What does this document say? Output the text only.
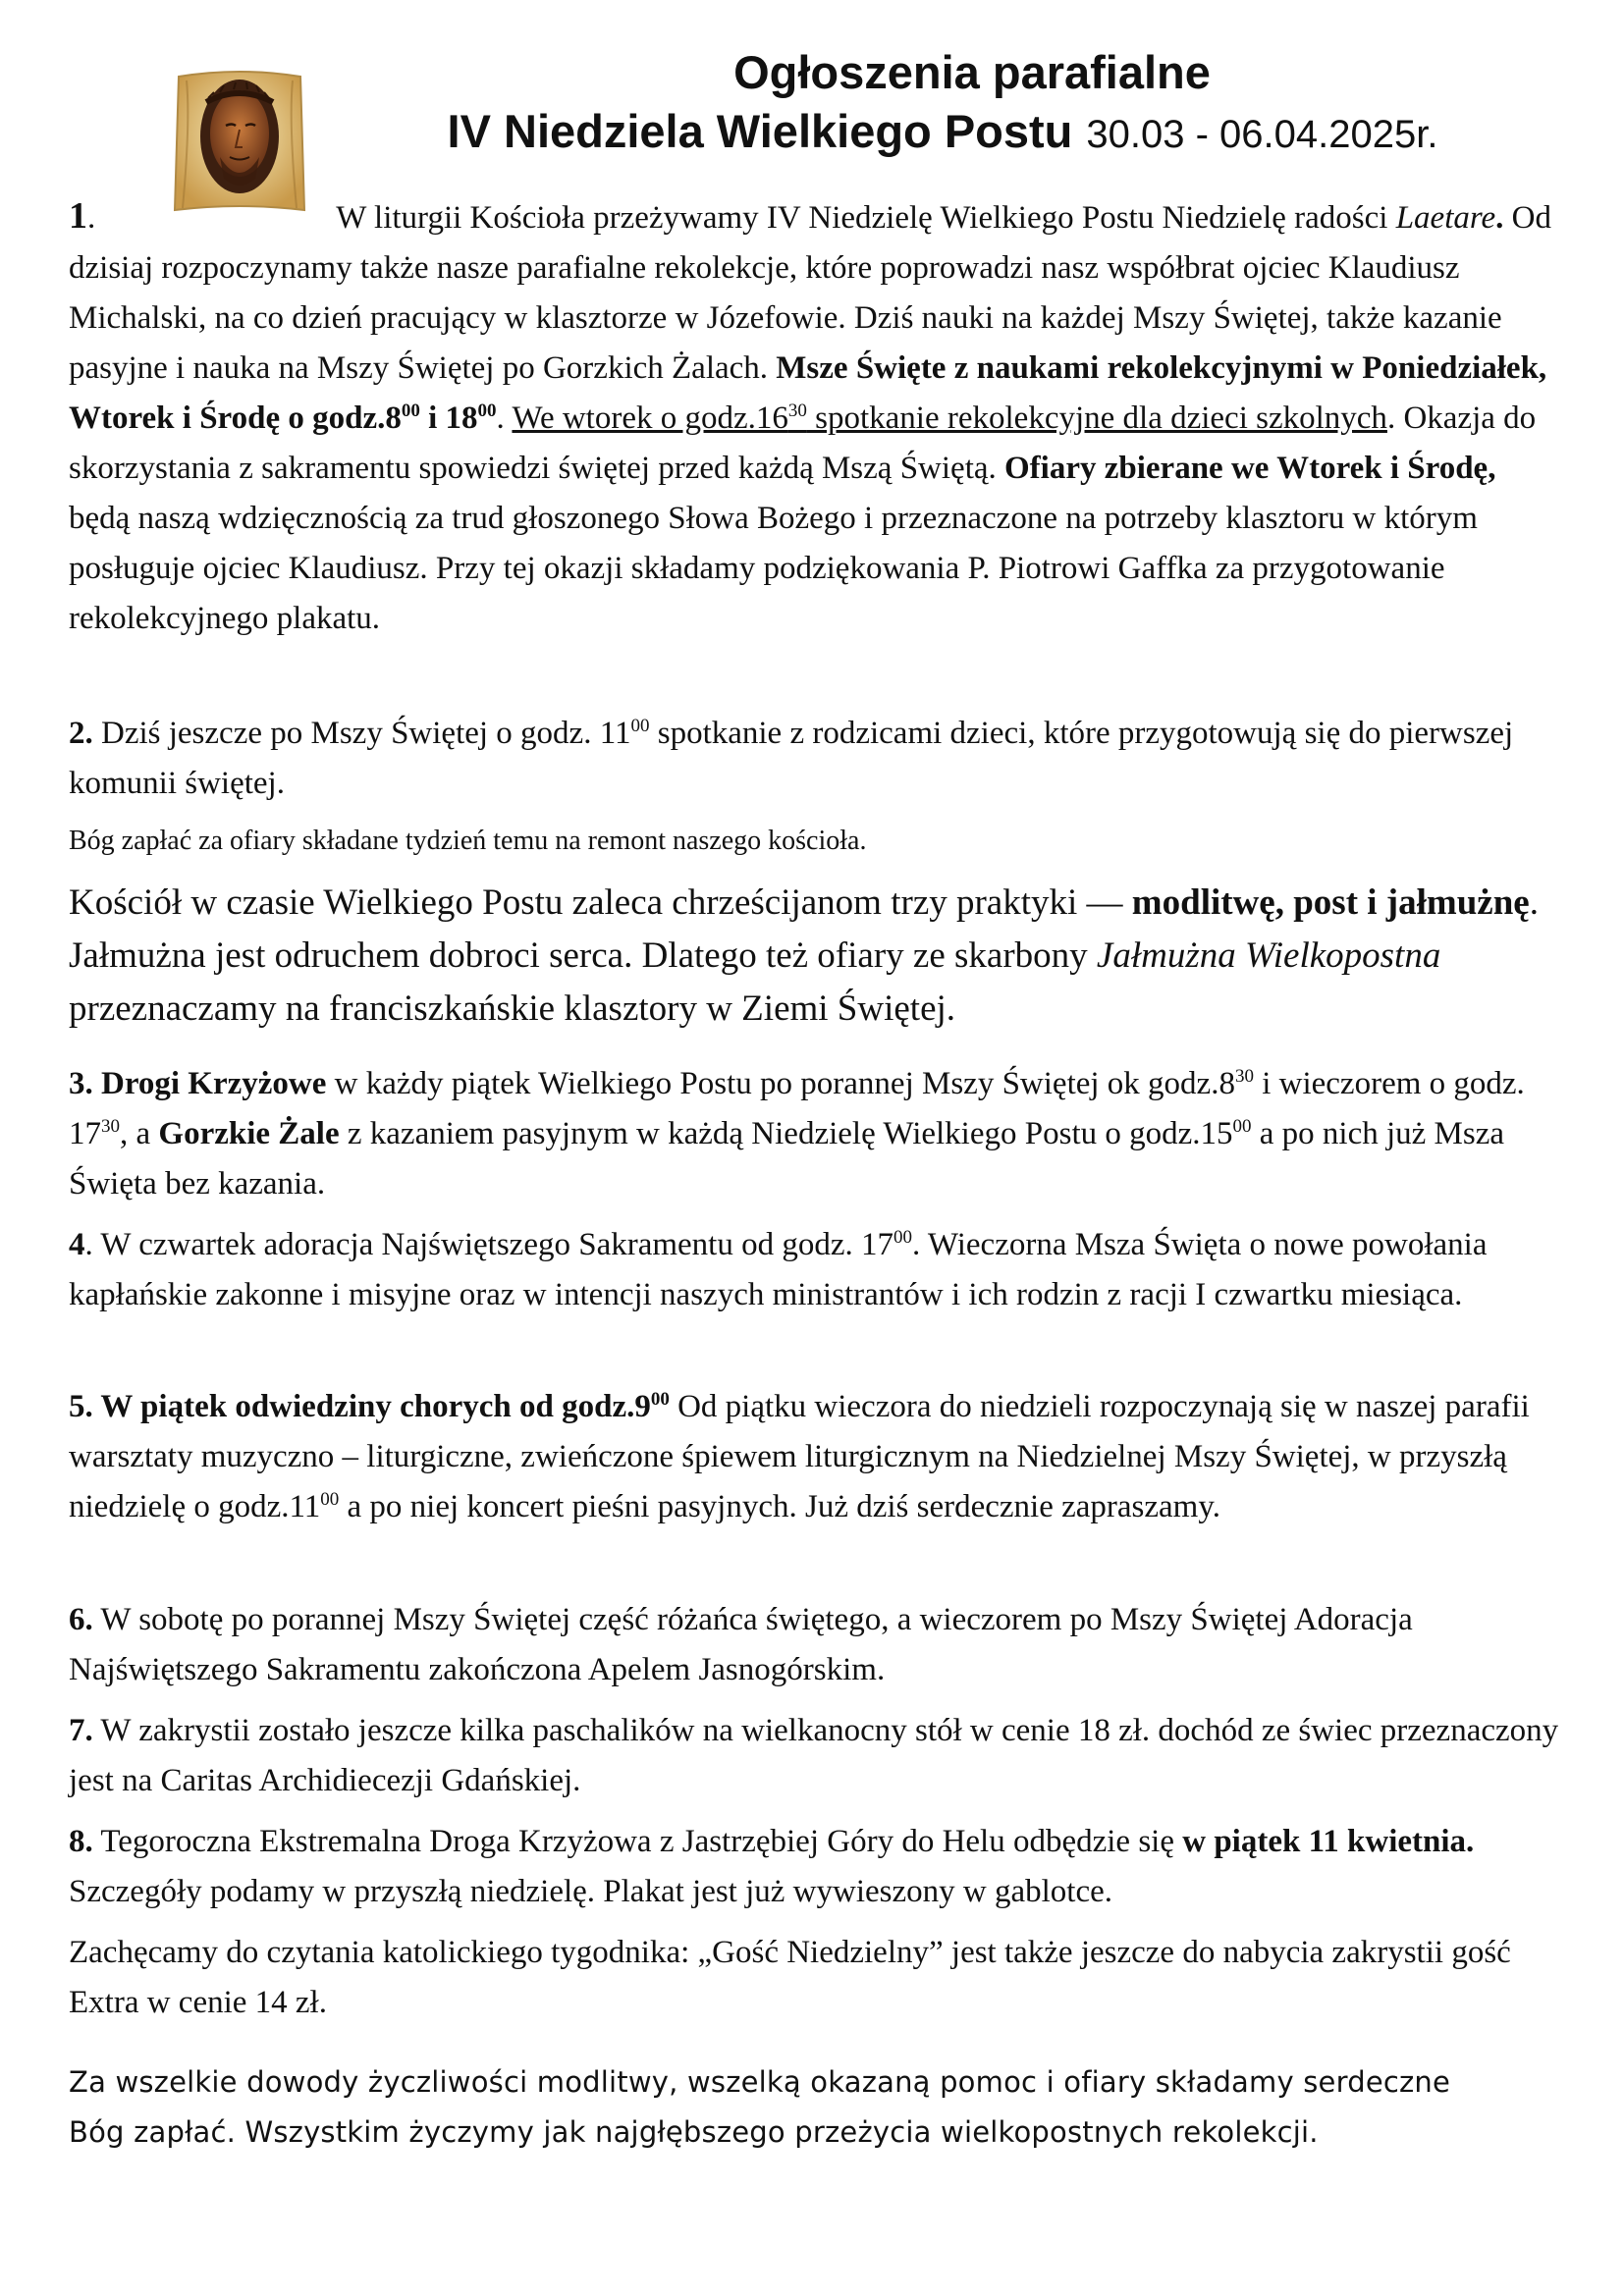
Ogłoszenia parafialne
IV Niedziela Wielkiego Postu 30.03 - 06.04.2025r.

1.	W liturgii Kościoła przeżywamy IV Niedzielę Wielkiego Postu Niedzielę radości Laetare. Od dzisiaj rozpoczynamy także nasze parafialne rekolekcje, które poprowadzi nasz współbrat ojciec Klaudiusz Michalski, na co dzień pracujący w klasztorze w Józefowie. Dziś nauki na każdej Mszy Świętej, także kazanie pasyjne i nauka na Mszy Świętej po Gorzkich Żalach. Msze Święte z naukami rekolekcyjnymi w Poniedziałek, Wtorek i Środę o $godz.8^{00}$ i $18^{00}$. We wtorek o $godz.16^{30}$ spotkanie rekolekcyjne dla dzieci szkolnych. Okazja do skorzystania z sakramentu spowiedzi świętej przed każdą Mszą Świętą. Ofiary zbierane we Wtorek i Środę, będą naszą wdzięcznością za trud głoszonego Słowa Bożego i przeznaczone na potrzeby klasztoru w którym posługuje ojciec Klaudiusz. Przy tej okazji składamy podziękowania P. Piotrowi Gaffka za przygotowanie rekolekcyjnego plakatu.

2. Dziś jeszcze po Mszy Świętej o godz. $11^{00}$ spotkanie z rodzicami dzieci, które przygotowują się do pierwszej komunii świętej.

Bóg zapłać za ofiary składane tydzień temu na remont naszego kościoła.

Kościół w czasie Wielkiego Postu zaleca chrześcijanom trzy praktyki — modlitwę, post i jałmużnę. Jałmużna jest odruchem dobroci serca. Dlatego też ofiary ze skarbony Jałmużna Wielkopostna przeznaczamy na franciszkańskie klasztory w Ziemi Świętej.

3. Drogi Krzyżowe w każdy piątek Wielkiego Postu po porannej Mszy Świętej ok $godz.8^{30}$ i wieczorem o godz. $17^{30}$, a Gorzkie Żale z kazaniem pasyjnym w każdą Niedzielę Wielkiego Postu o $godz.15^{00}$ a po nich już Msza Święta bez kazania.

4. W czwartek adoracja Najświętszego Sakramentu od godz. $17^{00}$. Wieczorna Msza Święta o nowe powołania kapłańskie zakonne i misyjne oraz w intencji naszych ministrantów i ich rodzin z racji I czwartku miesiąca.

5. W piątek odwiedziny chorych od $godz.9^{00}$ Od piątku wieczora do niedzieli rozpoczynają się w naszej parafii warsztaty muzyczno – liturgiczne, zwieńczone śpiewem liturgicznym na Niedzielnej Mszy Świętej, w przyszłą niedzielę o $godz.11^{00}$ a po niej koncert pieśni pasyjnych. Już dziś serdecznie zapraszamy.

6. W sobotę po porannej Mszy Świętej część różańca świętego, a wieczorem po Mszy Świętej Adoracja Najświętszego Sakramentu zakończona Apelem Jasnogórskim.

7. W zakrystii zostało jeszcze kilka paschalików na wielkanocny stół w cenie 18 zł. dochód ze świec przeznaczony jest na Caritas Archidiecezji Gdańskiej.

8. Tegoroczna Ekstremalna Droga Krzyżowa z Jastrzębiej Góry do Helu odbędzie się w piątek 11 kwietnia. Szczegóły podamy w przyszłą niedzielę. Plakat jest już wywieszony w gablotce.

Zachęcamy do czytania katolickiego tygodnika: „Gość Niedzielny” jest także jeszcze do nabycia zakrystii gość Extra w cenie 14 zł.

Za wszelkie dowody życzliwości modlitwy, wszelką okazaną pomoc i ofiary składamy serdeczne
Bóg zapłać. Wszystkim życzymy jak najgłębszego przeżycia wielkopostnych rekolekcji.
